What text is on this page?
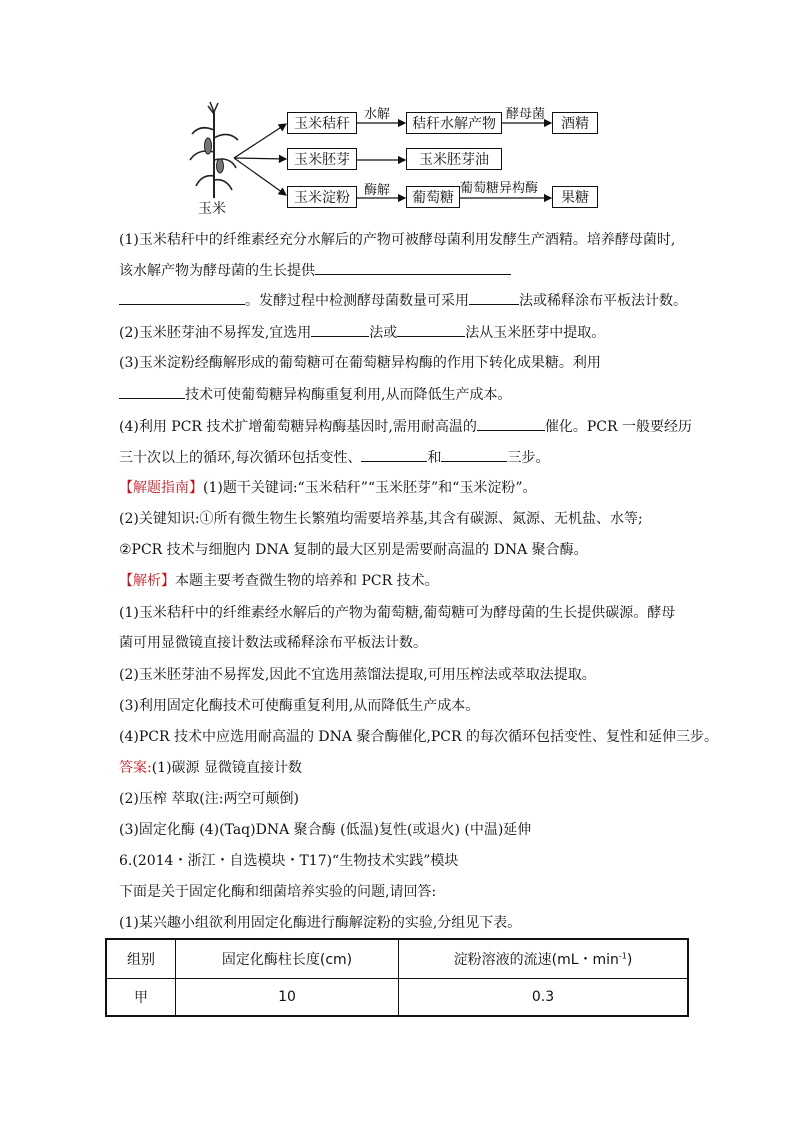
玉米
玉米秸秆	秸秆水解产物	酒精
玉米胚芽	玉米胚芽油
玉米淀粉	葡萄糖	果糖
水解	酵母菌
酶解	葡萄糖异构酶
(1)玉米秸秆中的纤维素经充分水解后的产物可被酵母菌利用发酵生产酒精。培养酵母菌时,
该水解产物为酵母菌的生长提供
。发酵过程中检测酵母菌数量可采用	法或稀释涂布平板法计数。
(2)玉米胚芽油不易挥发,宜选用	法或	法从玉米胚芽中提取。
(3)玉米淀粉经酶解形成的葡萄糖可在葡萄糖异构酶的作用下转化成果糖。利用
技术可使葡萄糖异构酶重复利用,从而降低生产成本。
(4)利用 PCR 技术扩增葡萄糖异构酶基因时,需用耐高温的	催化。PCR 一般要经历
三十次以上的循环,每次循环包括变性、	和	三步。
【解题指南】(1)题干关键词:“玉米秸秆”“玉米胚芽”和“玉米淀粉”。
(2)关键知识:①所有微生物生长繁殖均需要培养基,其含有碳源、氮源、无机盐、水等;
②PCR 技术与细胞内 DNA 复制的最大区别是需要耐高温的 DNA 聚合酶。
【解析】本题主要考查微生物的培养和 PCR 技术。
(1)玉米秸秆中的纤维素经水解后的产物为葡萄糖,葡萄糖可为酵母菌的生长提供碳源。酵母
菌可用显微镜直接计数法或稀释涂布平板法计数。
(2)玉米胚芽油不易挥发,因此不宜选用蒸馏法提取,可用压榨法或萃取法提取。
(3)利用固定化酶技术可使酶重复利用,从而降低生产成本。
(4)PCR 技术中应选用耐高温的 DNA 聚合酶催化,PCR 的每次循环包括变性、复性和延伸三步。
答案:(1)碳源 显微镜直接计数
(2)压榨 萃取(注:两空可颠倒)
(3)固定化酶 (4)(Taq)DNA 聚合酶 (低温)复性(或退火) (中温)延伸
6.(2014・浙江・自选模块・T17)“生物技术实践”模块
下面是关于固定化酶和细菌培养实验的问题,请回答:
(1)某兴趣小组欲利用固定化酶进行酶解淀粉的实验,分组见下表。
组别	固定化酶柱长度(cm)	淀粉溶液的流速(mL・$\min^{-1}$)
甲	10	0.3
